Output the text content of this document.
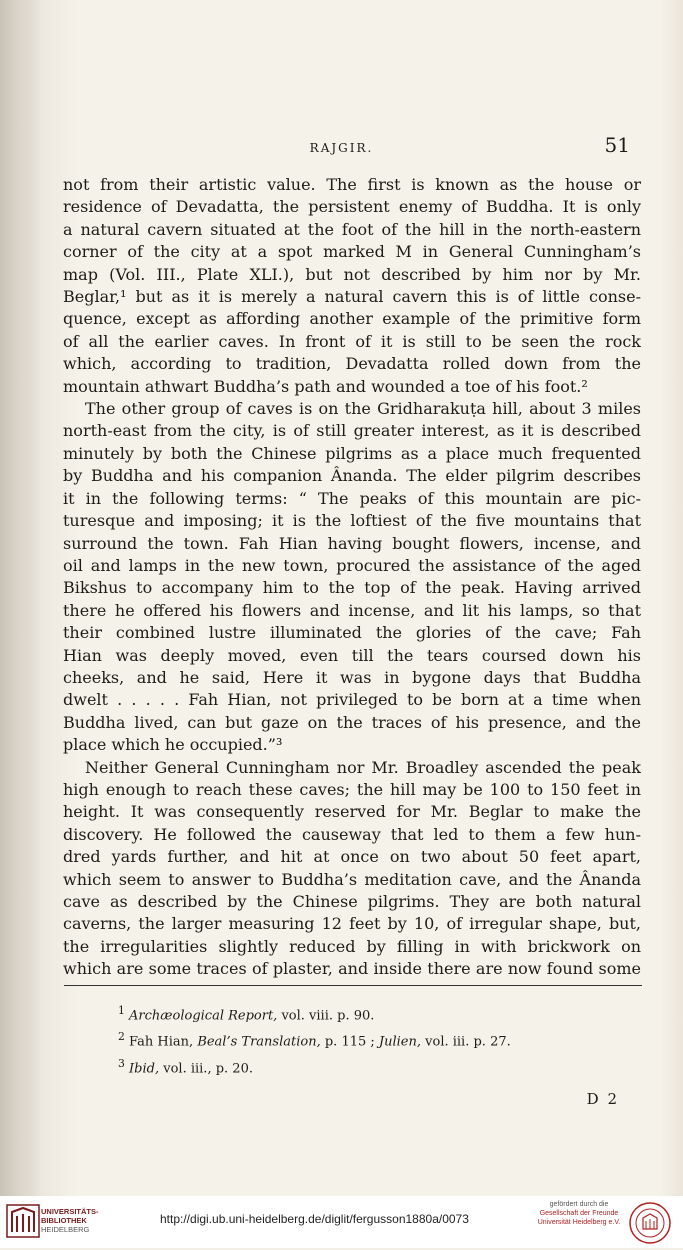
RAJGIR.	51
not from their artistic value. The first is known as the house or
residence of Devadatta, the persistent enemy of Buddha. It is only
a natural cavern situated at the foot of the hill in the north-eastern
corner of the city at a spot marked M in General Cunningham’s
map (Vol. III., Plate XLI.), but not described by him nor by Mr.
Beglar,¹ but as it is merely a natural cavern this is of little conse-
quence, except as affording another example of the primitive form
of all the earlier caves. In front of it is still to be seen the rock
which, according to tradition, Devadatta rolled down from the
mountain athwart Buddha’s path and wounded a toe of his foot.²
The other group of caves is on the Gridharakuṭa hill, about 3 miles
north-east from the city, is of still greater interest, as it is described
minutely by both the Chinese pilgrims as a place much frequented
by Buddha and his companion Ânanda. The elder pilgrim describes
it in the following terms: “ The peaks of this mountain are pic-
turesque and imposing; it is the loftiest of the five mountains that
surround the town. Fah Hian having bought flowers, incense, and
oil and lamps in the new town, procured the assistance of the aged
Bikshus to accompany him to the top of the peak. Having arrived
there he offered his flowers and incense, and lit his lamps, so that
their combined lustre illuminated the glories of the cave; Fah
Hian was deeply moved, even till the tears coursed down his
cheeks, and he said, Here it was in bygone days that Buddha
dwelt . . . . . Fah Hian, not privileged to be born at a time when
Buddha lived, can but gaze on the traces of his presence, and the
place which he occupied.”³
Neither General Cunningham nor Mr. Broadley ascended the peak
high enough to reach these caves; the hill may be 100 to 150 feet in
height. It was consequently reserved for Mr. Beglar to make the
discovery. He followed the causeway that led to them a few hun-
dred yards further, and hit at once on two about 50 feet apart,
which seem to answer to Buddha’s meditation cave, and the Ânanda
cave as described by the Chinese pilgrims. They are both natural
caverns, the larger measuring 12 feet by 10, of irregular shape, but,
the irregularities slightly reduced by filling in with brickwork on
which are some traces of plaster, and inside there are now found some
$^1$ Archæological Report, vol. viii. p. 90.
$^2$ Fah Hian, Beal’s Translation, p. 115 ; Julien, vol. iii. p. 27.
$^3$ Ibid, vol. iii., p. 20.
D 2
UNIVERSITÄTS-
BIBLIOTHEK
HEIDELBERG
http://digi.ub.uni-heidelberg.de/diglit/fergusson1880a/0073
gefördert durch die
Gesellschaft der Freunde
Universität Heidelberg e.V.
